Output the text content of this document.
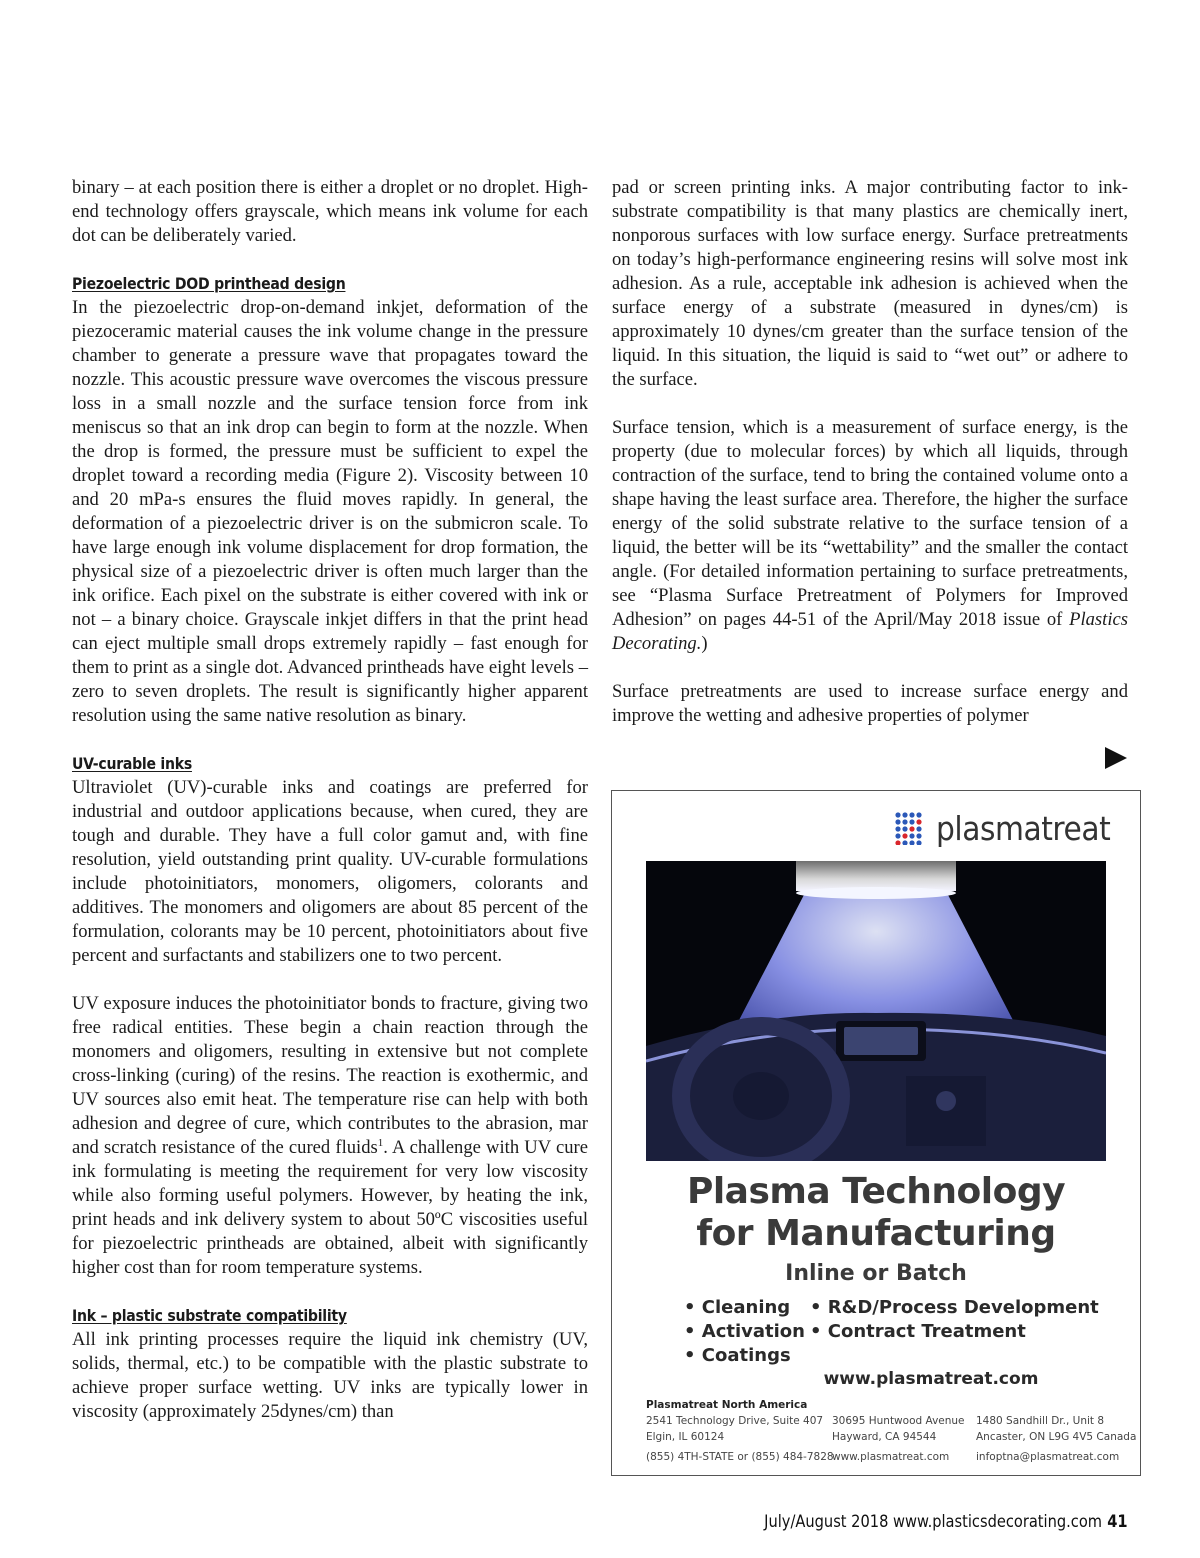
binary – at each position there is either a droplet or no droplet. High-end technology offers grayscale, which means ink volume for each dot can be deliberately varied.

Piezoelectric DOD printhead design

In the piezoelectric drop-on-demand inkjet, deformation of the piezoceramic material causes the ink volume change in the pressure chamber to generate a pressure wave that propagates toward the nozzle. This acoustic pressure wave overcomes the viscous pressure loss in a small nozzle and the surface tension force from ink meniscus so that an ink drop can begin to form at the nozzle. When the drop is formed, the pressure must be sufficient to expel the droplet toward a recording media (Figure 2). Viscosity between 10 and 20 mPa-s ensures the fluid moves rapidly. In general, the deformation of a piezoelectric driver is on the submicron scale. To have large enough ink volume displacement for drop formation, the physical size of a piezoelectric driver is often much larger than the ink orifice. Each pixel on the substrate is either covered with ink or not – a binary choice. Grayscale inkjet differs in that the print head can eject multiple small drops extremely rapidly – fast enough for them to print as a single dot. Advanced printheads have eight levels – zero to seven droplets. The result is significantly higher apparent resolution using the same native resolution as binary.

UV-curable inks

Ultraviolet (UV)-curable inks and coatings are preferred for industrial and outdoor applications because, when cured, they are tough and durable. They have a full color gamut and, with fine resolution, yield outstanding print quality. UV-curable formulations include photoinitiators, monomers, oligomers, colorants and additives. The monomers and oligomers are about 85 percent of the formulation, colorants may be 10 percent, photoinitiators about five percent and surfactants and stabilizers one to two percent.

UV exposure induces the photoinitiator bonds to fracture, giving two free radical entities. These begin a chain reaction through the monomers and oligomers, resulting in extensive but not complete cross-linking (curing) of the resins. The reaction is exothermic, and UV sources also emit heat. The temperature rise can help with both adhesion and degree of cure, which contributes to the abrasion, mar and scratch resistance of the cured fluids$^1$. A challenge with UV cure ink formulating is meeting the requirement for very low viscosity while also forming useful polymers. However, by heating the ink, print heads and ink delivery system to about 50ºC viscosities useful for piezoelectric printheads are obtained, albeit with significantly higher cost than for room temperature systems.

Ink – plastic substrate compatibility

All ink printing processes require the liquid ink chemistry (UV, solids, thermal, etc.) to be compatible with the plastic substrate to achieve proper surface wetting. UV inks are typically lower in viscosity (approximately 25dynes/cm) than

pad or screen printing inks. A major contributing factor to ink-substrate compatibility is that many plastics are chemically inert, nonporous surfaces with low surface energy. Surface pretreatments on today’s high-performance engineering resins will solve most ink adhesion. As a rule, acceptable ink adhesion is achieved when the surface energy of a substrate (measured in dynes/cm) is approximately 10 dynes/cm greater than the surface tension of the liquid. In this situation, the liquid is said to “wet out” or adhere to the surface.

Surface tension, which is a measurement of surface energy, is the property (due to molecular forces) by which all liquids, through contraction of the surface, tend to bring the contained volume onto a shape having the least surface area. Therefore, the higher the surface energy of the solid substrate relative to the surface tension of a liquid, the better will be its “wettability” and the smaller the contact angle. (For detailed information pertaining to surface pretreatments, see “Plasma Surface Pretreatment of Polymers for Improved Adhesion” on pages 44-51 of the April/May 2018 issue of Plastics Decorating.)

Surface pretreatments are used to increase surface energy and improve the wetting and adhesive properties of polymer

plasmatreat
Plasma Technology
for Manufacturing
Inline or Batch
• Cleaning • R&D/Process Development
• Activation • Contract Treatment
• Coatings
www.plasmatreat.com
Plasmatreat North America
2541 Technology Drive, Suite 407
Elgin, IL 60124
(855) 4TH-STATE or (855) 484-7828
30695 Huntwood Avenue
Hayward, CA 94544
www.plasmatreat.com
1480 Sandhill Dr., Unit 8
Ancaster, ON L9G 4V5 Canada
infoptna@plasmatreat.com
July/August 2018 www.plasticsdecorating.com 41
